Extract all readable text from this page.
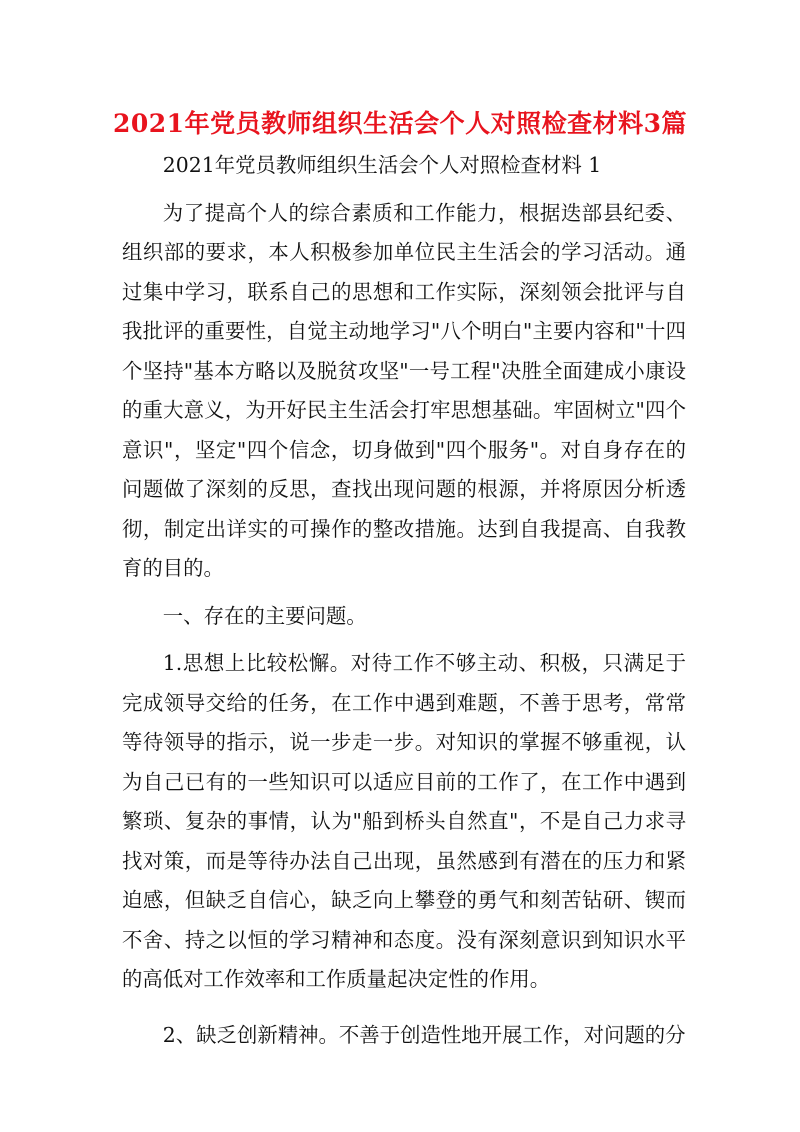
2021年党员教师组织生活会个人对照检查材料3篇

2021年党员教师组织生活会个人对照检查材料 1

为了提高个人的综合素质和工作能力，根据迭部县纪委、组织部的要求，本人积极参加单位民主生活会的学习活动。通过集中学习，联系自己的思想和工作实际，深刻领会批评与自我批评的重要性，自觉主动地学习"八个明白"主要内容和"十四个坚持"基本方略以及脱贫攻坚"一号工程"决胜全面建成小康设的重大意义，为开好民主生活会打牢思想基础。牢固树立"四个意识"，坚定"四个信念，切身做到"四个服务"。对自身存在的问题做了深刻的反思，查找出现问题的根源，并将原因分析透彻，制定出详实的可操作的整改措施。达到自我提高、自我教育的目的。

一、存在的主要问题。

1.思想上比较松懈。对待工作不够主动、积极，只满足于完成领导交给的任务，在工作中遇到难题，不善于思考，常常等待领导的指示，说一步走一步。对知识的掌握不够重视，认为自己已有的一些知识可以适应目前的工作了，在工作中遇到繁琐、复杂的事情，认为"船到桥头自然直"，不是自己力求寻找对策，而是等待办法自己出现，虽然感到有潜在的压力和紧迫感，但缺乏自信心，缺乏向上攀登的勇气和刻苦钻研、锲而不舍、持之以恒的学习精神和态度。没有深刻意识到知识水平的高低对工作效率和工作质量起决定性的作用。

2、缺乏创新精神。不善于创造性地开展工作，对问题的分
